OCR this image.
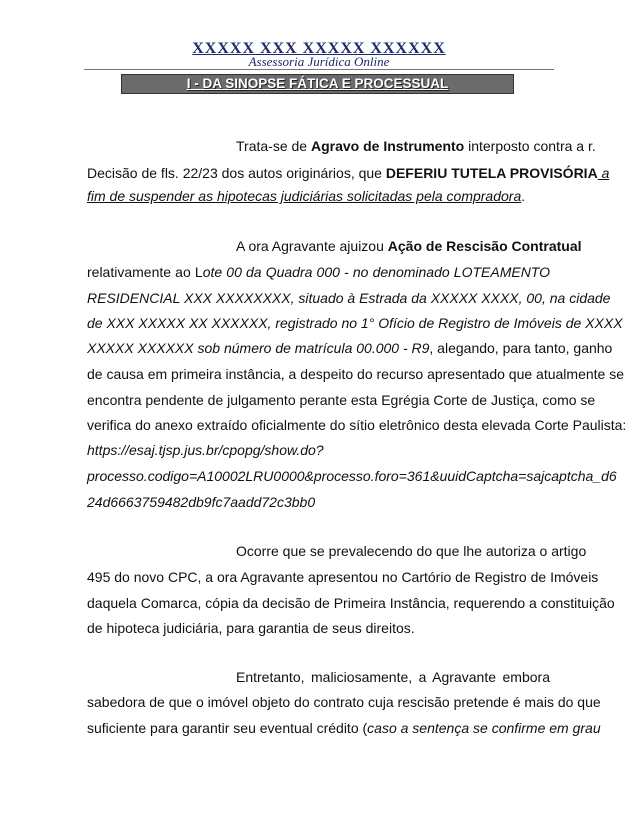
XXXXX XXX XXXXX XXXXXX
Assessoria Jurídica Online
I - DA SINOPSE FÁTICA E PROCESSUAL
Trata-se de Agravo de Instrumento interposto contra a r.
Decisão de fls. 22/23 dos autos originários, que DEFERIU TUTELA PROVISÓRIA a
fim de suspender as hipotecas judiciárias solicitadas pela compradora.
A ora Agravante ajuizou Ação de Rescisão Contratual
relativamente ao Lote 00 da Quadra 000 - no denominado LOTEAMENTO
RESIDENCIAL XXX XXXXXXXX, situado à Estrada da XXXXX XXXX, 00, na cidade
de XXX XXXXX XX XXXXXX, registrado no 1° Ofício de Registro de Imóveis de XXXX
XXXXX XXXXXX sob número de matrícula 00.000 - R9, alegando, para tanto, ganho
de causa em primeira instância, a despeito do recurso apresentado que atualmente se
encontra pendente de julgamento perante esta Egrégia Corte de Justiça, como se
verifica do anexo extraído oficialmente do sítio eletrônico desta elevada Corte Paulista:
https://esaj.tjsp.jus.br/cpopg/show.do?
processo.codigo=A10002LRU0000&processo.foro=361&uuidCaptcha=sajcaptcha_d6
24d6663759482db9fc7aadd72c3bb0
Ocorre que se prevalecendo do que lhe autoriza o artigo
495 do novo CPC, a ora Agravante apresentou no Cartório de Registro de Imóveis
daquela Comarca, cópia da decisão de Primeira Instância, requerendo a constituição
de hipoteca judiciária, para garantia de seus direitos.
Entretanto, maliciosamente, a Agravante embora
sabedora de que o imóvel objeto do contrato cuja rescisão pretende é mais do que
suficiente para garantir seu eventual crédito (caso a sentença se confirme em grau
